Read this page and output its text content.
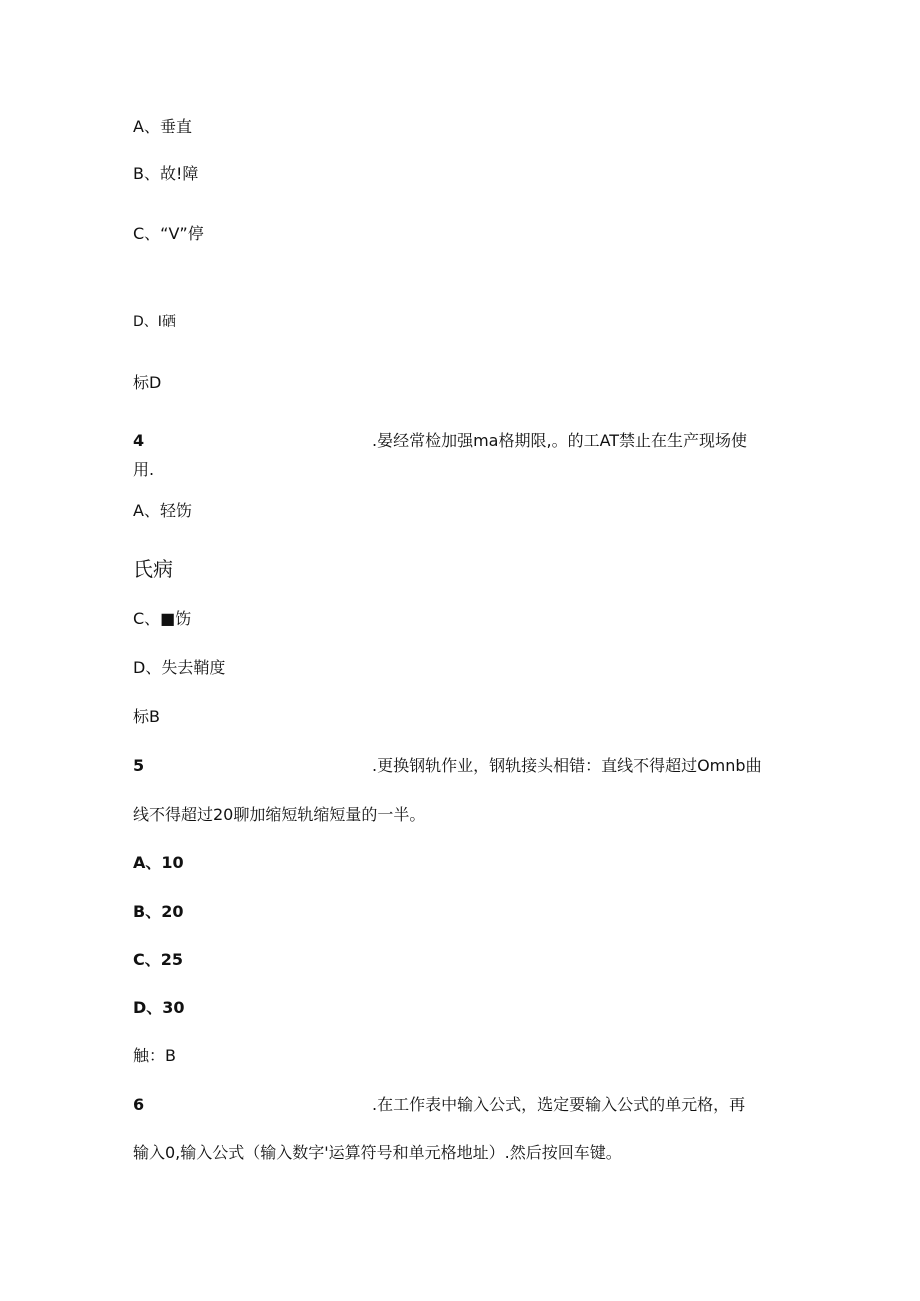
A、垂直
B、故!障
C、“V”停
D、I硒
标D
4	.晏经常检加强ma格期限,。的工AT禁止在生产现场使
用.
A、轻饬
氏病
C、■饬
D、失去鞘度
标B
5	.更换钢轨作业，钢轨接头相错：直线不得超过Omnb曲
线不得超过20聊加缩短轨缩短量的一半。
A、10
B、20
C、25
D、30
触：B
6	.在工作表中输入公式，选定要输入公式的单元格，再
输入0,输入公式（输入数字'运算符号和单元格地址）.然后按回车键。
